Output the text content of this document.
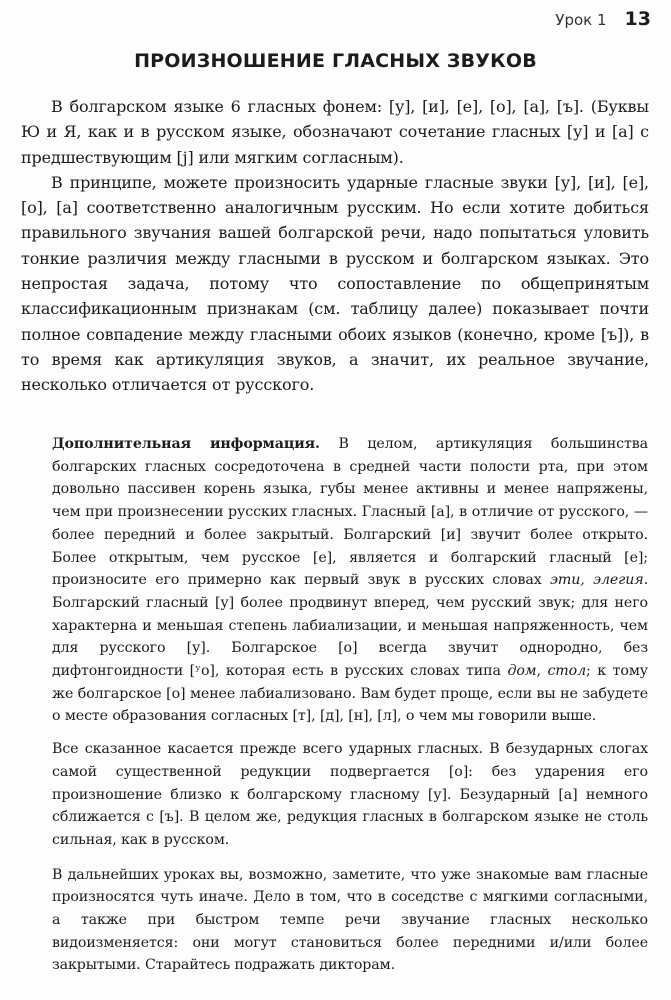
Урок 1 13
ПРОИЗНОШЕНИЕ ГЛАСНЫХ ЗВУКОВ

В болгарском языке 6 гласных фонем: [у], [и], [е], [о], [а], [ъ]. (Буквы Ю и Я, как и в русском языке, обозначают сочетание гласных [у] и [а] с предшествующим [j] или мягким согласным).

В принципе, можете произносить ударные гласные звуки [у], [и], [е], [о], [а] соответственно аналогичным русским. Но если хотите добиться правильного звучания вашей болгарской речи, надо попытаться уловить тонкие различия между гласными в русском и болгарском языках. Это непростая задача, потому что сопоставление по общепринятым классификационным признакам (см. таблицу далее) показывает почти полное совпадение между гласными обоих языков (конечно, кроме [ъ]), в то время как артикуляция звуков, а значит, их реальное звучание, несколько отличается от русского.

Дополнительная информация. В целом, артикуляция большинства болгарских гласных сосредоточена в средней части полости рта, при этом довольно пассивен корень языка, губы менее активны и менее напряжены, чем при произнесении русских гласных. Гласный [а], в отличие от русского, — более передний и более закрытый. Болгарский [и] звучит более открыто. Более открытым, чем русское [е], является и болгарский гласный [е]; произносите его примерно как первый звук в русских словах эти, элегия. Болгарский гласный [у] более продвинут вперед, чем русский звук; для него характерна и меньшая степень лабиализации, и меньшая напряженность, чем для русского [у]. Болгарское [о] всегда звучит однородно, без дифтонгоидности [ʸо], которая есть в русских словах типа дом, стол; к тому же болгарское [о] менее лабиализовано. Вам будет проще, если вы не забудете о месте образования согласных [т], [д], [н], [л], о чем мы говорили выше.

Все сказанное касается прежде всего ударных гласных. В безударных слогах самой существенной редукции подвергается [о]: без ударения его произношение близко к болгарскому гласному [у]. Безударный [а] немного сближается с [ъ]. В целом же, редукция гласных в болгарском языке не столь сильная, как в русском.

В дальнейших уроках вы, возможно, заметите, что уже знакомые вам гласные произносятся чуть иначе. Дело в том, что в соседстве с мягкими согласными, а также при быстром темпе речи звучание гласных несколько видоизменяется: они могут становиться более передними и/или более закрытыми. Старайтесь подражать дикторам.
